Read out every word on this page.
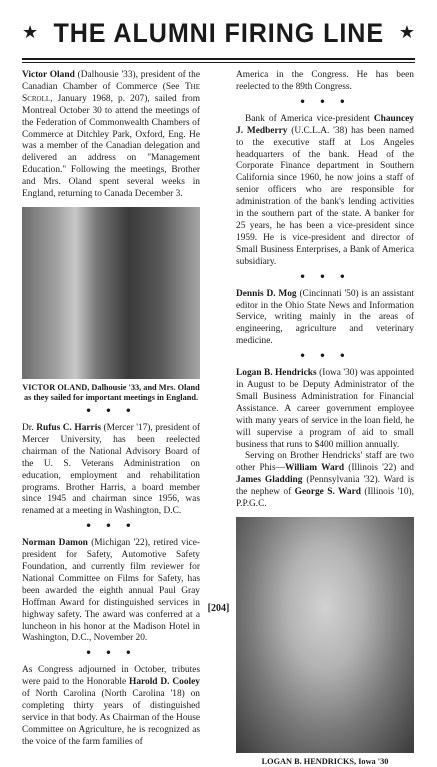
★ THE ALUMNI FIRING LINE ★

Victor Oland (Dalhousie '33), president of the Canadian Chamber of Commerce (See The Scroll, January 1968, p. 207), sailed from Montreal October 30 to attend the meetings of the Federation of Commonwealth Chambers of Commerce at Ditchley Park, Oxford, Eng. He was a member of the Canadian delegation and delivered an address on "Management Education." Following the meetings, Brother and Mrs. Oland spent several weeks in England, returning to Canada December 3.

VICTOR OLAND, Dalhousie '33, and Mrs. Oland as they sailed for important meetings in England.
• • •

Dr. Rufus C. Harris (Mercer '17), president of Mercer University, has been reelected chairman of the National Advisory Board of the U. S. Veterans Administration on education, employment and rehabilitation programs. Brother Harris, a board member since 1945 and chairman since 1956, was renamed at a meeting in Washington, D.C.

• • •

Norman Damon (Michigan '22), retired vice-president for Safety, Automotive Safety Foundation, and currently film reviewer for National Committee on Films for Safety, has been awarded the eighth annual Paul Gray Hoffman Award for distinguished services in highway safety. The award was conferred at a luncheon in his honor at the Madison Hotel in Washington, D.C., November 20.

• • •

As Congress adjourned in October, tributes were paid to the Honorable Harold D. Cooley of North Carolina (North Carolina '18) on completing thirty years of distinguished service in that body. As Chairman of the House Committee on Agriculture, he is recognized as the voice of the farm families of

America in the Congress. He has been reelected to the 89th Congress.

• • •

Bank of America vice-president Chauncey J. Medberry (U.C.L.A. '38) has been named to the executive staff at Los Angeles headquarters of the bank. Head of the Corporate Finance department in Southern California since 1960, he now joins a staff of senior officers who are responsible for administration of the bank's lending activities in the southern part of the state. A banker for 25 years, he has been a vice-president since 1959. He is vice-president and director of Small Business Enterprises, a Bank of America subsidiary.

• • •

Dennis D. Mog (Cincinnati '50) is an assistant editor in the Ohio State News and Information Service, writing mainly in the areas of engineering, agriculture and veterinary medicine.

• • •

Logan B. Hendricks (Iowa '30) was appointed in August to be Deputy Administrator of the Small Business Administration for Financial Assistance. A career government employee with many years of service in the loan field, he will supervise a program of aid to small business that runs to $400 million annually.

Serving on Brother Hendricks' staff are two other Phis—William Ward (Illinois '22) and James Gladding (Pennsylvania '32). Ward is the nephew of George S. Ward (Illinois '10), P.P.G.C.

LOGAN B. HENDRICKS, Iowa '30
[204]
